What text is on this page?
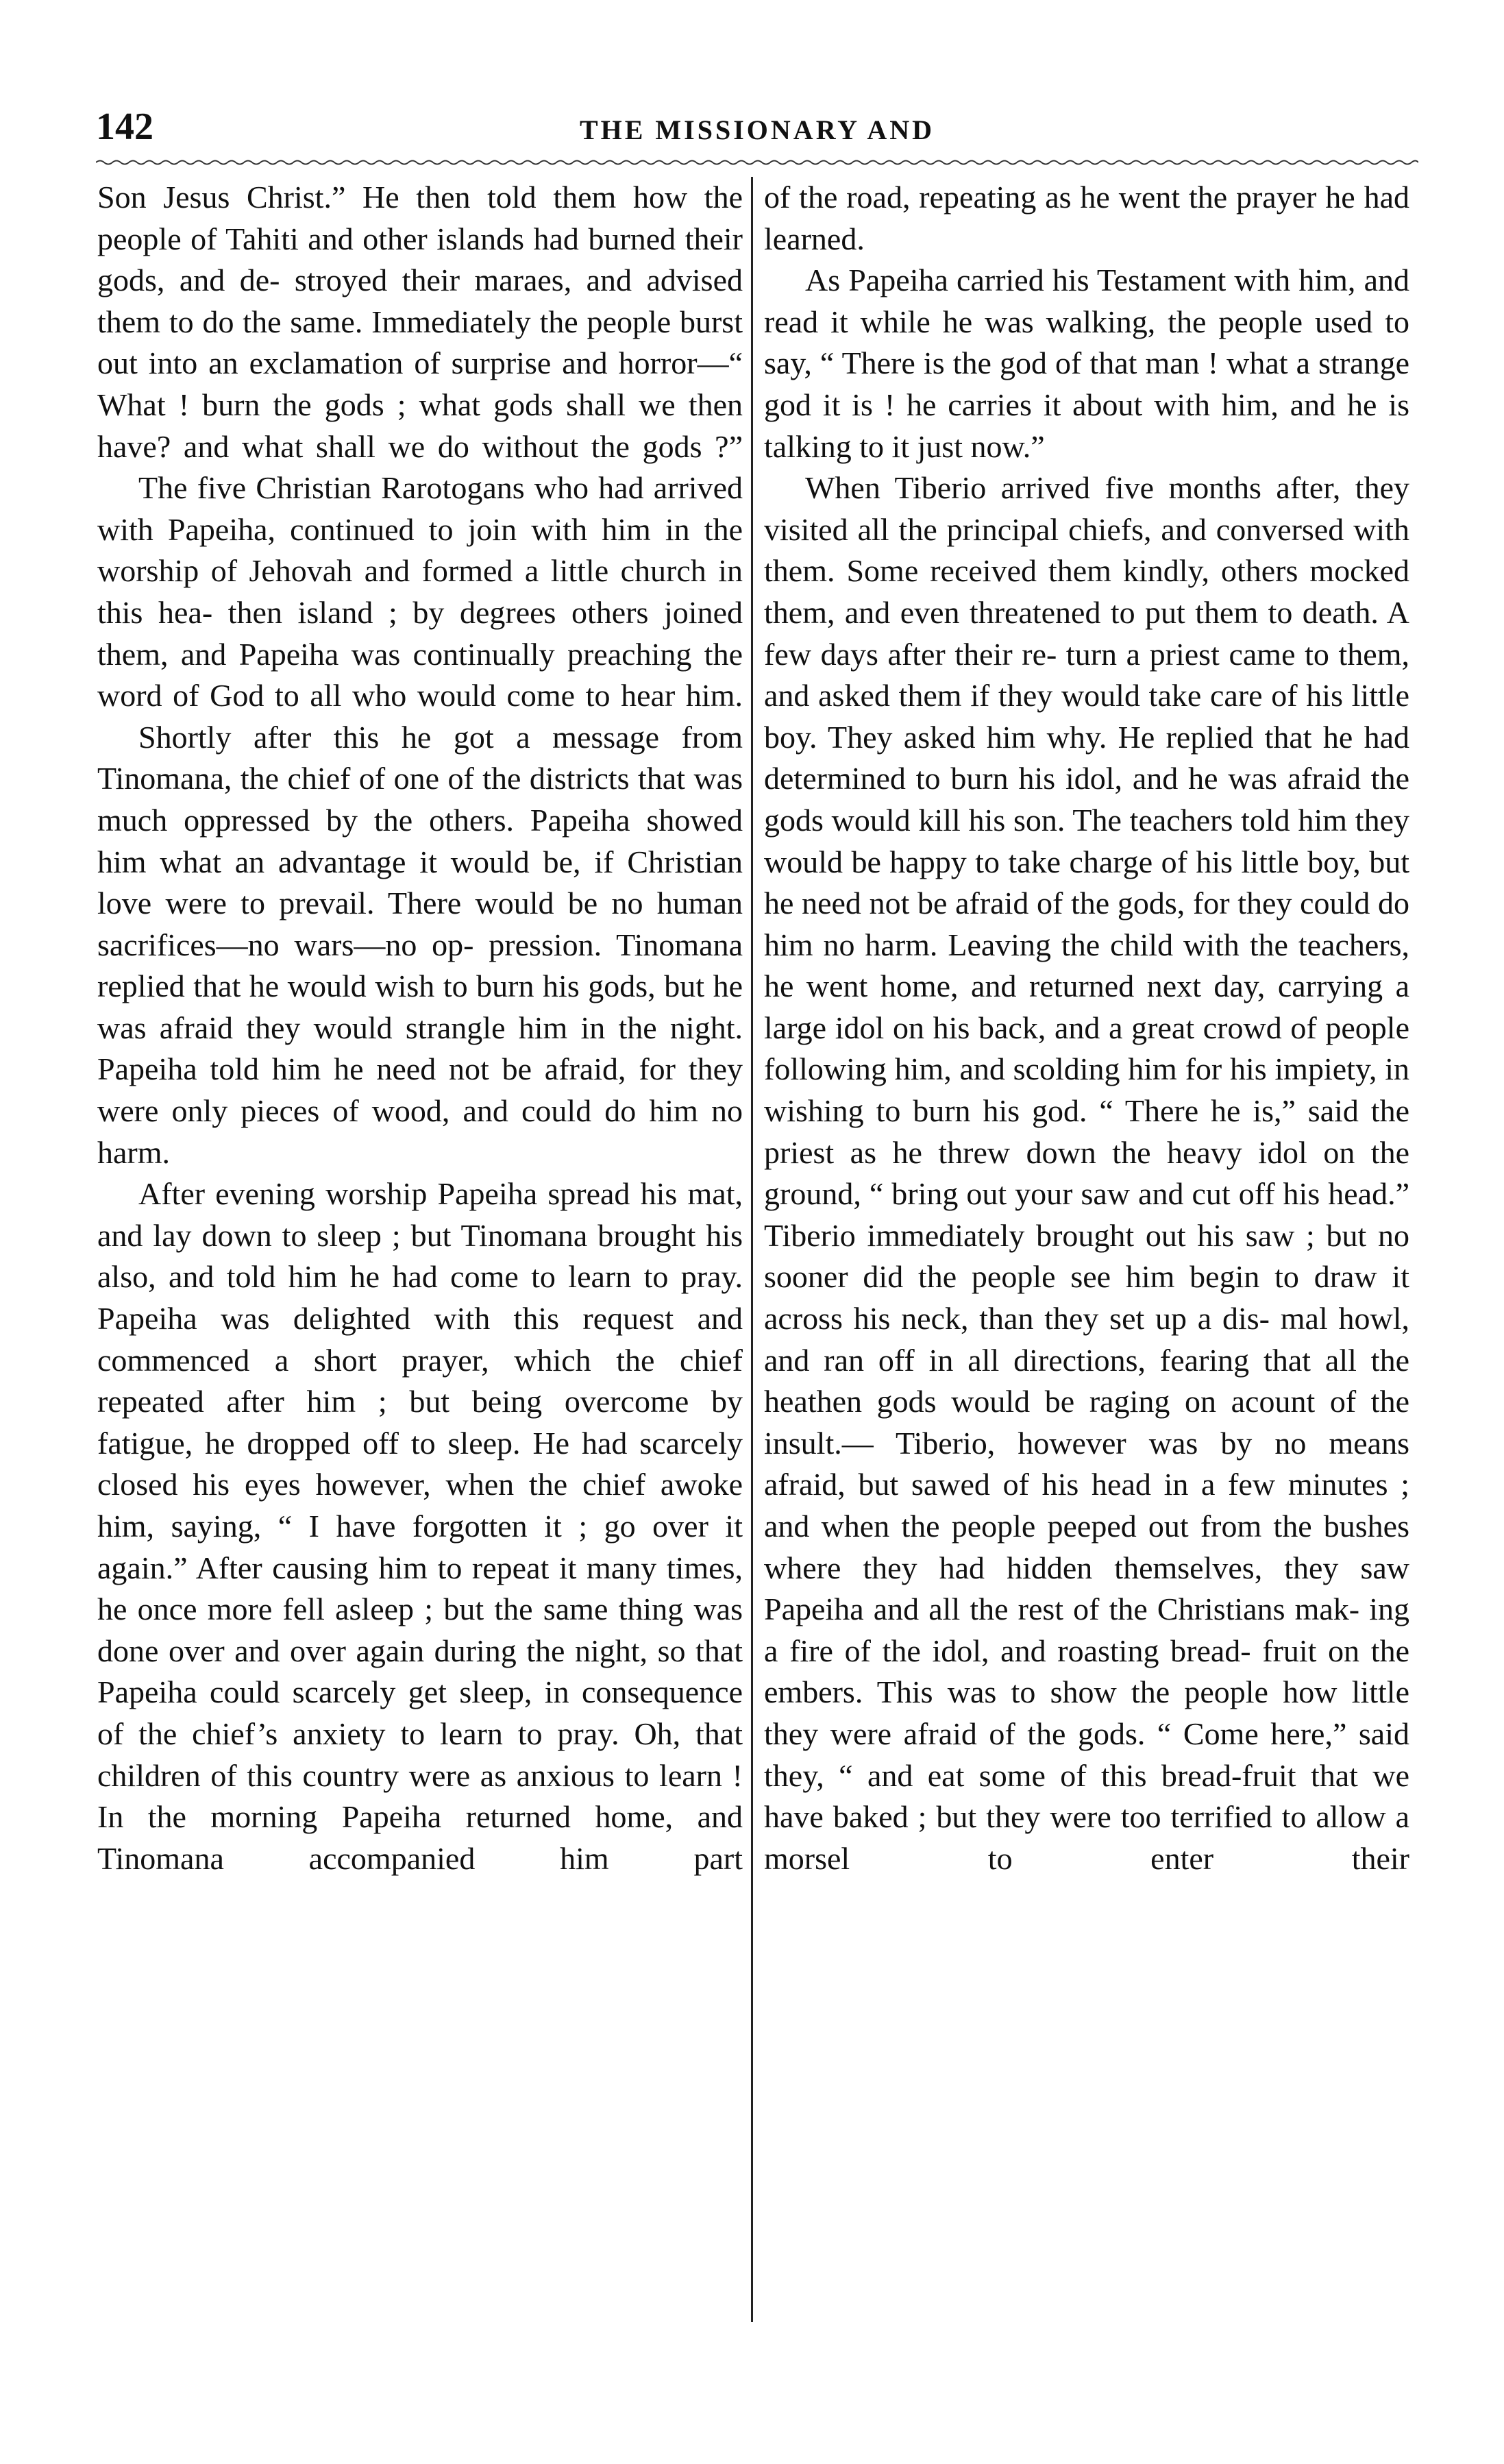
142	THE MISSIONARY AND

Son Jesus Christ.” He then told them how the people of Tahiti and other islands had burned their gods, and de- stroyed their maraes, and advised them to do the same. Immediately the people burst out into an exclamation of surprise and horror—“ What ! burn the gods ; what gods shall we then have? and what shall we do without the gods ?”

The five Christian Rarotogans who had arrived with Papeiha, continued to join with him in the worship of Jehovah and formed a little church in this hea- then island ; by degrees others joined them, and Papeiha was continually preaching the word of God to all who would come to hear him.

Shortly after this he got a message from Tinomana, the chief of one of the districts that was much oppressed by the others. Papeiha showed him what an advantage it would be, if Christian love were to prevail. There would be no human sacrifices—no wars—no op- pression. Tinomana replied that he would wish to burn his gods, but he was afraid they would strangle him in the night. Papeiha told him he need not be afraid, for they were only pieces of wood, and could do him no harm.

After evening worship Papeiha spread his mat, and lay down to sleep ; but Tinomana brought his also, and told him he had come to learn to pray. Papeiha was delighted with this request and commenced a short prayer, which the chief repeated after him ; but being overcome by fatigue, he dropped off to sleep. He had scarcely closed his eyes however, when the chief awoke him, saying, “ I have forgotten it ; go over it again.” After causing him to repeat it many times, he once more fell asleep ; but the same thing was done over and over again during the night, so that Papeiha could scarcely get sleep, in consequence of the chief’s anxiety to learn to pray. Oh, that children of this country were as anxious to learn ! In the morning Papeiha returned home, and Tinomana accompanied him part

of the road, repeating as he went the prayer he had learned.

As Papeiha carried his Testament with him, and read it while he was walking, the people used to say, “ There is the god of that man ! what a strange god it is ! he carries it about with him, and he is talking to it just now.”

When Tiberio arrived five months after, they visited all the principal chiefs, and conversed with them. Some received them kindly, others mocked them, and even threatened to put them to death. A few days after their re- turn a priest came to them, and asked them if they would take care of his little boy. They asked him why. He replied that he had determined to burn his idol, and he was afraid the gods would kill his son. The teachers told him they would be happy to take charge of his little boy, but he need not be afraid of the gods, for they could do him no harm. Leaving the child with the teachers, he went home, and returned next day, carrying a large idol on his back, and a great crowd of people following him, and scolding him for his impiety, in wishing to burn his god. “ There he is,” said the priest as he threw down the heavy idol on the ground, “ bring out your saw and cut off his head.” Tiberio immediately brought out his saw ; but no sooner did the people see him begin to draw it across his neck, than they set up a dis- mal howl, and ran off in all directions, fearing that all the heathen gods would be raging on acount of the insult.— Tiberio, however was by no means afraid, but sawed of his head in a few minutes ; and when the people peeped out from the bushes where they had hidden themselves, they saw Papeiha and all the rest of the Christians mak- ing a fire of the idol, and roasting bread- fruit on the embers. This was to show the people how little they were afraid of the gods. “ Come here,” said they, “ and eat some of this bread-fruit that we have baked ; but they were too terrified to allow a morsel to enter their
